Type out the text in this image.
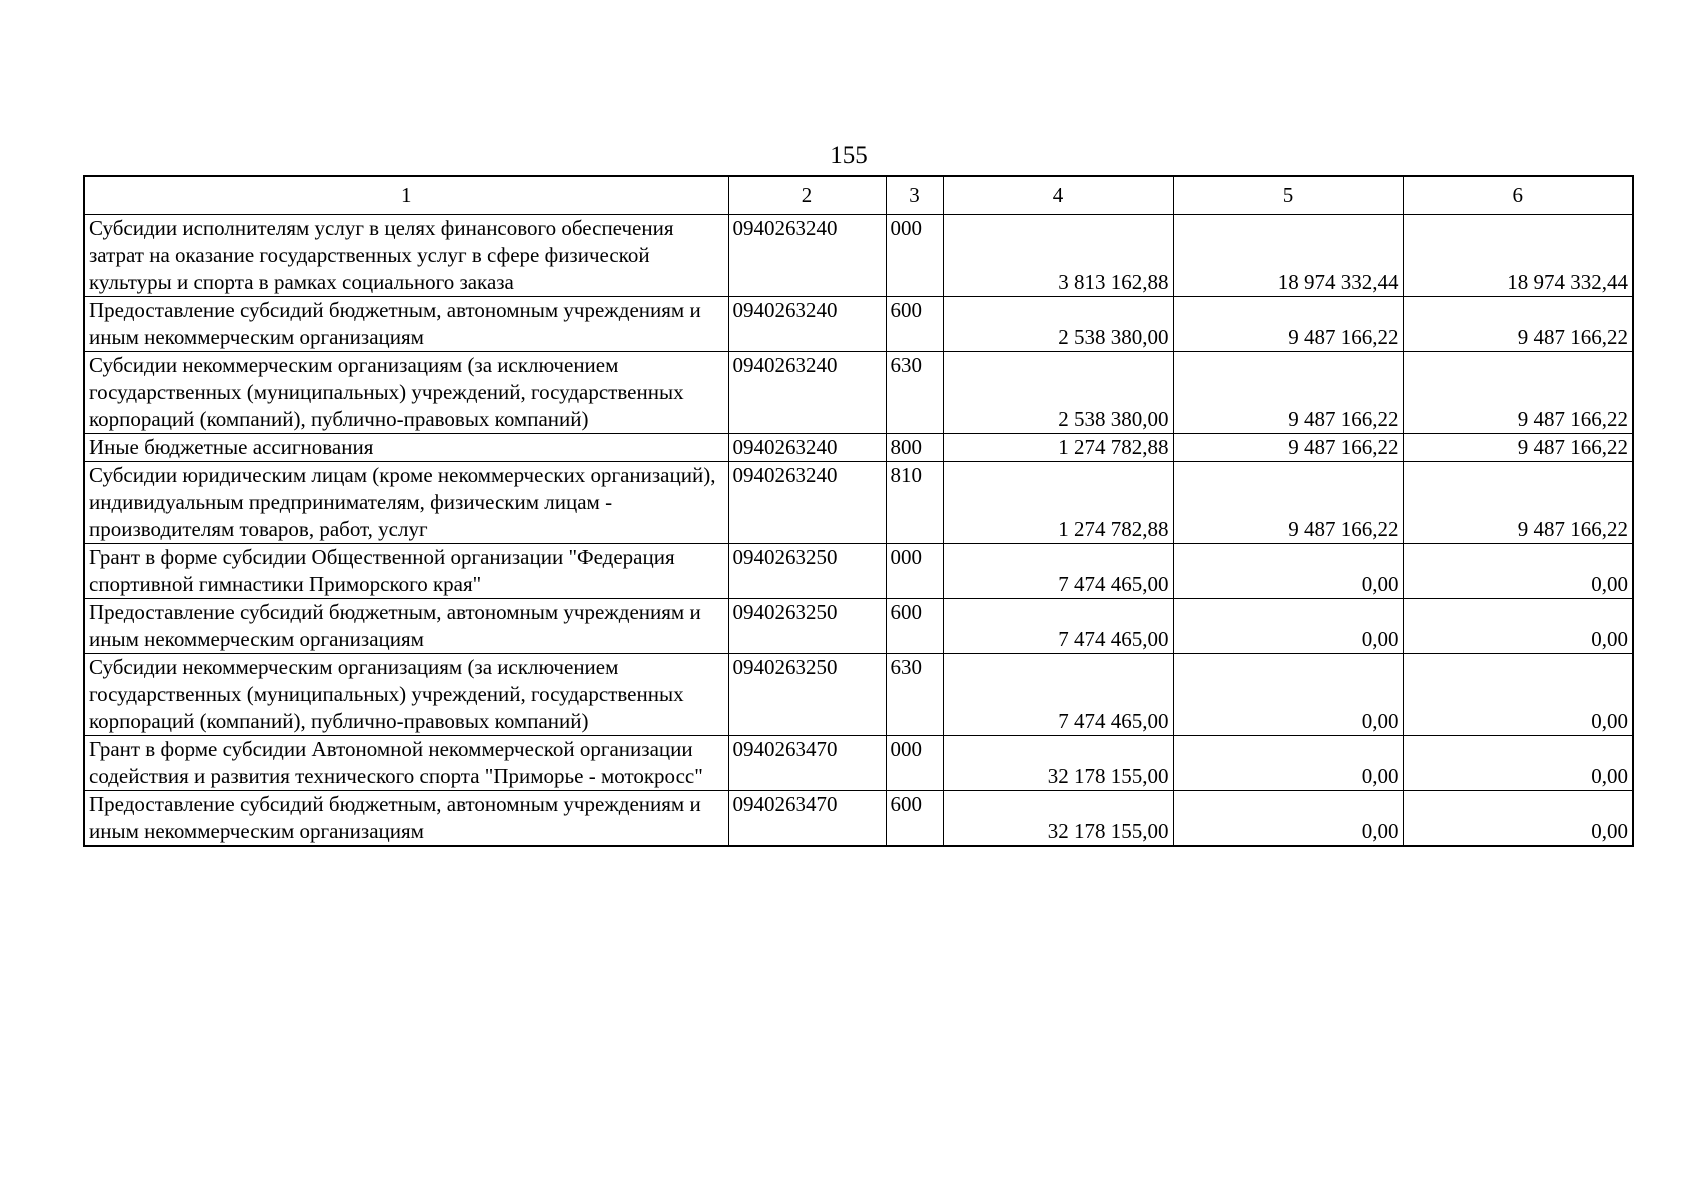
155
1	2	3	4	5	6
Субсидии исполнителям услуг в целях финансового обеспечения затрат на оказание государственных услуг в сфере физической культуры и спорта в рамках социального заказа	0940263240	000	3 813 162,88	18 974 332,44	18 974 332,44
Предоставление субсидий бюджетным, автономным учреждениям и иным некоммерческим организациям	0940263240	600	2 538 380,00	9 487 166,22	9 487 166,22
Субсидии некоммерческим организациям (за исключением государственных (муниципальных) учреждений, государственных корпораций (компаний), публично-правовых компаний)	0940263240	630	2 538 380,00	9 487 166,22	9 487 166,22
Иные бюджетные ассигнования	0940263240	800	1 274 782,88	9 487 166,22	9 487 166,22
Субсидии юридическим лицам (кроме некоммерческих организаций), индивидуальным предпринимателям, физическим лицам - производителям товаров, работ, услуг	0940263240	810	1 274 782,88	9 487 166,22	9 487 166,22
Грант в форме субсидии Общественной организации "Федерация спортивной гимнастики Приморского края"	0940263250	000	7 474 465,00	0,00	0,00
Предоставление субсидий бюджетным, автономным учреждениям и иным некоммерческим организациям	0940263250	600	7 474 465,00	0,00	0,00
Субсидии некоммерческим организациям (за исключением государственных (муниципальных) учреждений, государственных корпораций (компаний), публично-правовых компаний)	0940263250	630	7 474 465,00	0,00	0,00
Грант в форме субсидии Автономной некоммерческой организации содействия и развития технического спорта "Приморье - мотокросс"	0940263470	000	32 178 155,00	0,00	0,00
Предоставление субсидий бюджетным, автономным учреждениям и иным некоммерческим организациям	0940263470	600	32 178 155,00	0,00	0,00
